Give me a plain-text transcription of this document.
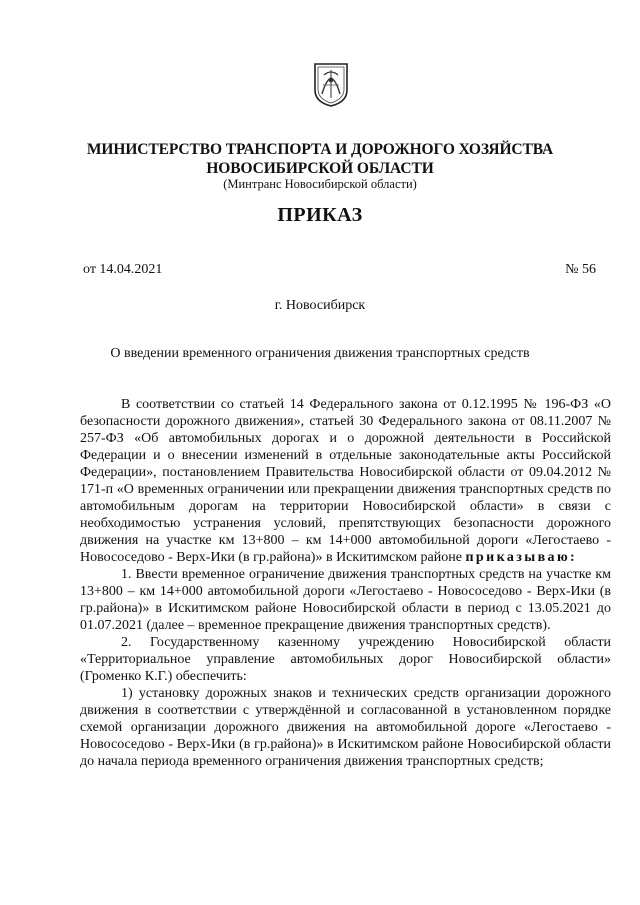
МИНИСТЕРСТВО ТРАНСПОРТА И ДОРОЖНОГО ХОЗЯЙСТВА
НОВОСИБИРСКОЙ ОБЛАСТИ
(Минтранс Новосибирской области)
ПРИКАЗ
от 14.04.2021	№ 56
г. Новосибирск
О введении временного ограничения движения транспортных средств

В соответствии со статьей 14 Федерального закона от 0.12.1995 № 196-ФЗ «О безопасности дорожного движения», статьей 30 Федерального закона от 08.11.2007 № 257-ФЗ «Об автомобильных дорогах и о дорожной деятельности в Российской Федерации и о внесении изменений в отдельные законодательные акты Российской Федерации», постановлением Правительства Новосибирской области от 09.04.2012 № 171-п «О временных ограничении или прекращении движения транспортных средств по автомобильным дорогам на территории Новосибирской области» в связи с необходимостью устранения условий, препятствующих безопасности дорожного движения на участке км 13+800 – км 14+000 автомобильной дороги «Легостаево - Новососедово - Верх-Ики (в гр.района)» в Искитимском районе приказываю:

1. Ввести временное ограничение движения транспортных средств на участке км 13+800 – км 14+000 автомобильной дороги «Легостаево - Новососедово - Верх-Ики (в гр.района)» в Искитимском районе Новосибирской области в период с 13.05.2021 до 01.07.2021 (далее – временное прекращение движения транспортных средств).

2. Государственному казенному учреждению Новосибирской области «Территориальное управление автомобильных дорог Новосибирской области» (Громенко К.Г.) обеспечить:

1) установку дорожных знаков и технических средств организации дорожного движения в соответствии с утверждённой и согласованной в установленном порядке схемой организации дорожного движения на автомобильной дороге «Легостаево - Новососедово - Верх-Ики (в гр.района)» в Искитимском районе Новосибирской области до начала периода временного ограничения движения транспортных средств;
